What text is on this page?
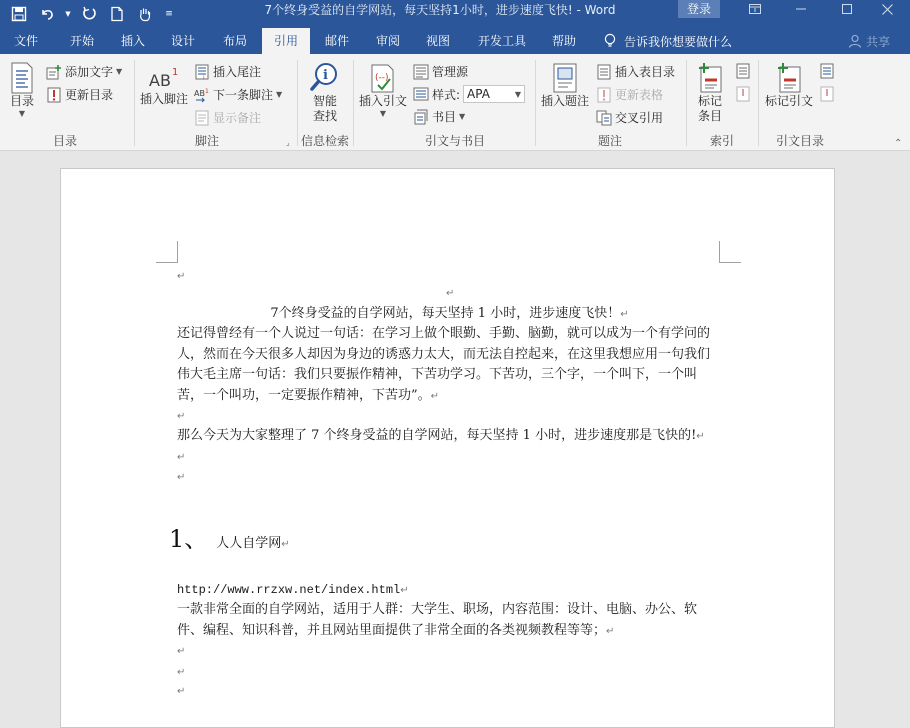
▼	≡	7个终身受益的自学网站，每天坚持1小时，进步速度飞快! - Word	登录
文件	开始	插入	设计	布局	引用	邮件	审阅	视图	开发工具	帮助	告诉我你想要做什么	共享
目录
▼
添加文字 ▼
更新目录
目录
AB 1
插入脚注
i 插入尾注
AB 1 下一条脚注 ▼
显示备注
脚注	⌟
i
智能
查找
信息检索
(--)
插入引文
▼
管理源
样式: APA	▼
书目 ▼
引文与书目
插入题注
插入表目录
更新表格
交叉引用
题注
标记
条目
索引
标记引文
引文目录	⌃
↵
↵
7个终身受益的自学网站，每天坚持 1 小时，进步速度飞快！↵
还记得曾经有一个人说过一句话：在学习上做个眼勤、手勤、脑勤，就可以成为一个有学问的人，然而在今天很多人却因为身边的诱惑力太大，而无法自控起来，在这里我想应用一句我们伟大毛主席一句话：我们只要振作精神，下苦功学习。下苦功，三个字，一个叫下，一个叫苦，一个叫功，一定要振作精神，下苦功”。↵
↵
那么今天为大家整理了 7 个终身受益的自学网站，每天坚持 1 小时，进步速度那是飞快的!↵
↵
↵
1、 人人自学网 ↵
http://www.rrzxw.net/index.html↵
一款非常全面的自学网站，适用于人群：大学生、职场，内容范围：设计、电脑、办公、软件、编程、知识科普，并且网站里面提供了非常全面的各类视频教程等等；↵
↵
↵
↵
